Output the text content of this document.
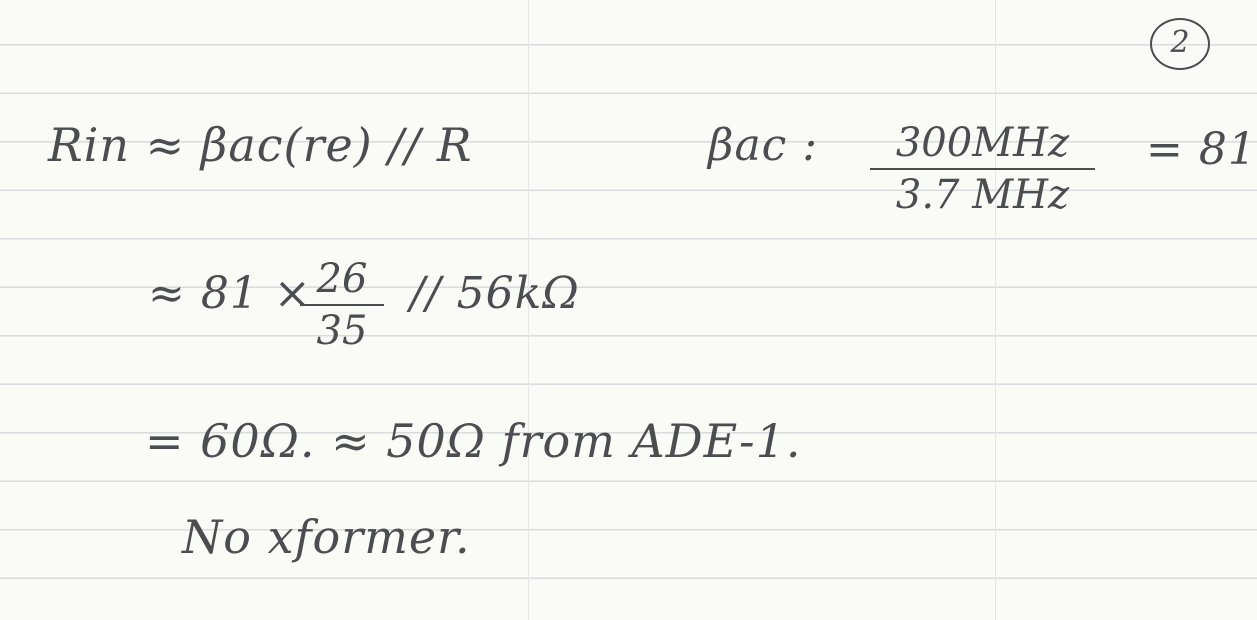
2
Rin ≈ βac(re) // R	βac :	300MHz
3.7 MHz
= 81
≈ 81 × 26
35
// 56kΩ
= 60Ω. ≈ 50Ω from ADE-1.
No xformer.
